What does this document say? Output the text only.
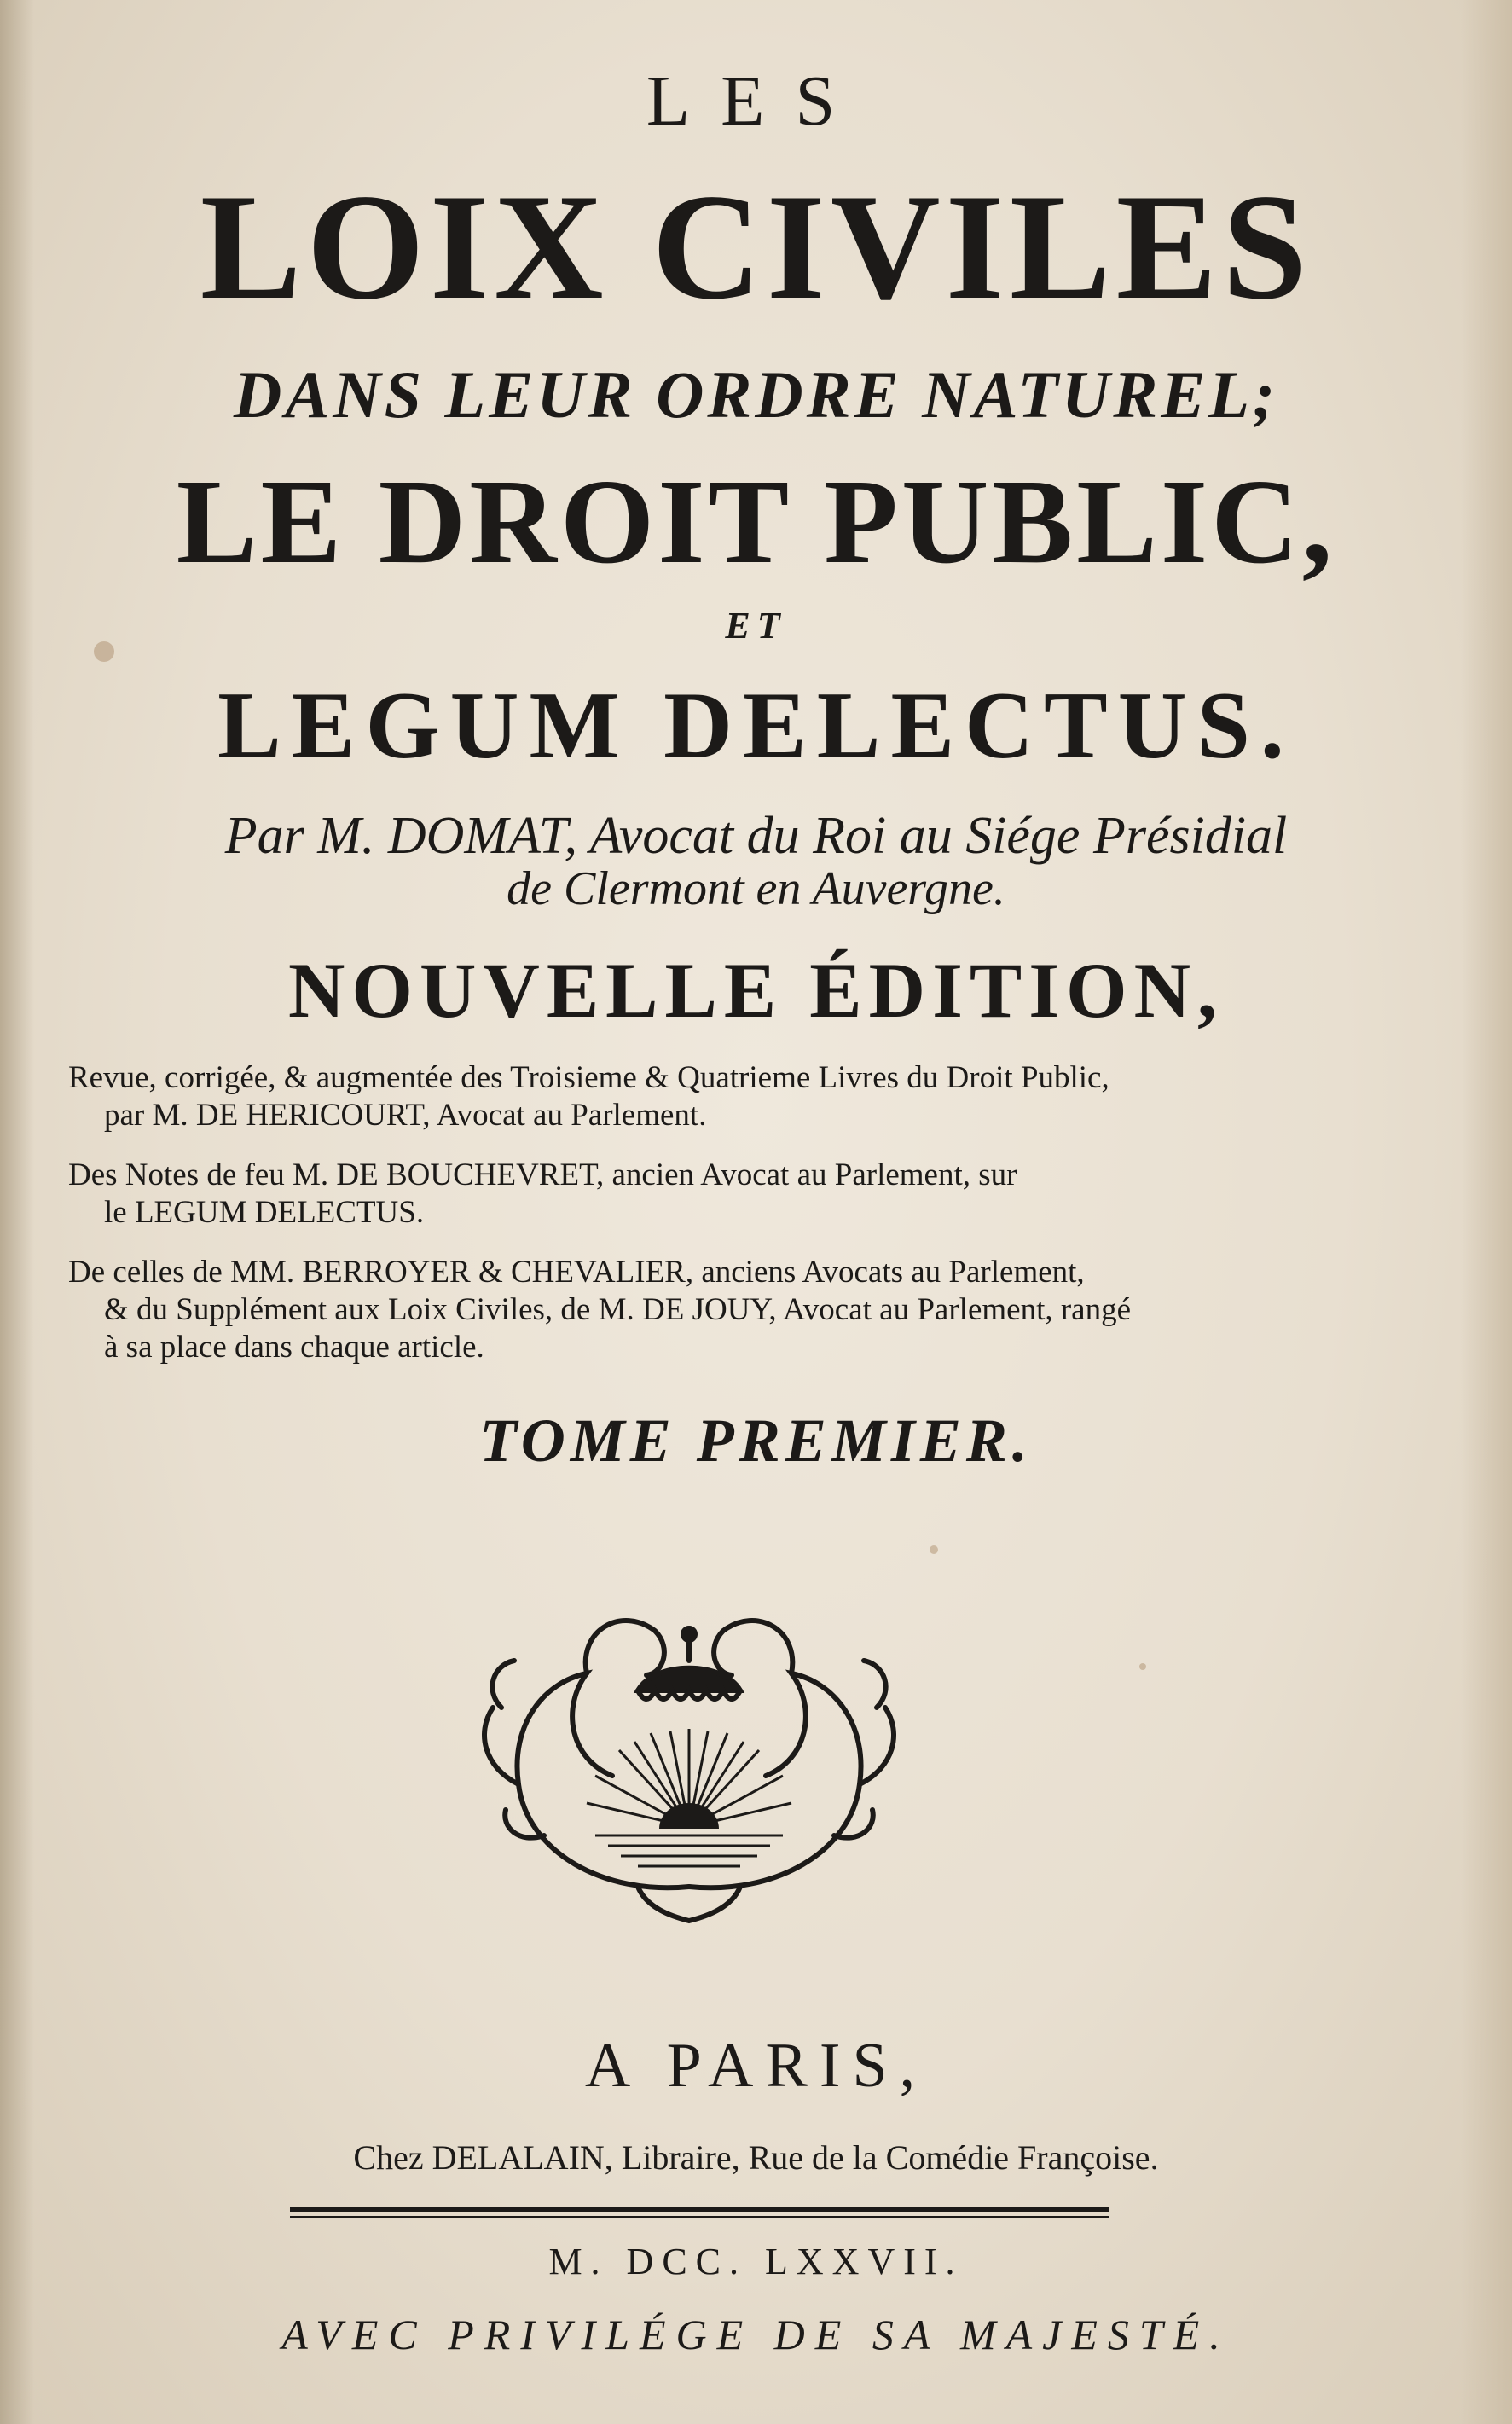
LES
LOIX CIVILES
DANS LEUR ORDRE NATUREL;
LE DROIT PUBLIC,
ET
LEGUM DELECTUS.
Par M. DOMAT, Avocat du Roi au Siége Présidial
de Clermont en Auvergne.
NOUVELLE ÉDITION,
Revue, corrigée, & augmentée des Troisieme & Quatrieme Livres du Droit Public,
par M. DE HERICOURT, Avocat au Parlement.
Des Notes de feu M. DE BOUCHEVRET, ancien Avocat au Parlement, sur
le LEGUM DELECTUS.
De celles de MM. BERROYER & CHEVALIER, anciens Avocats au Parlement,
& du Supplément aux Loix Civiles, de M. DE JOUY, Avocat au Parlement, rangé
à sa place dans chaque article.
TOME PREMIER.
A PARIS,
Chez DELALAIN, Libraire, Rue de la Comédie Françoise.
M. DCC. LXXVII.
AVEC PRIVILÉGE DE SA MAJESTÉ.
